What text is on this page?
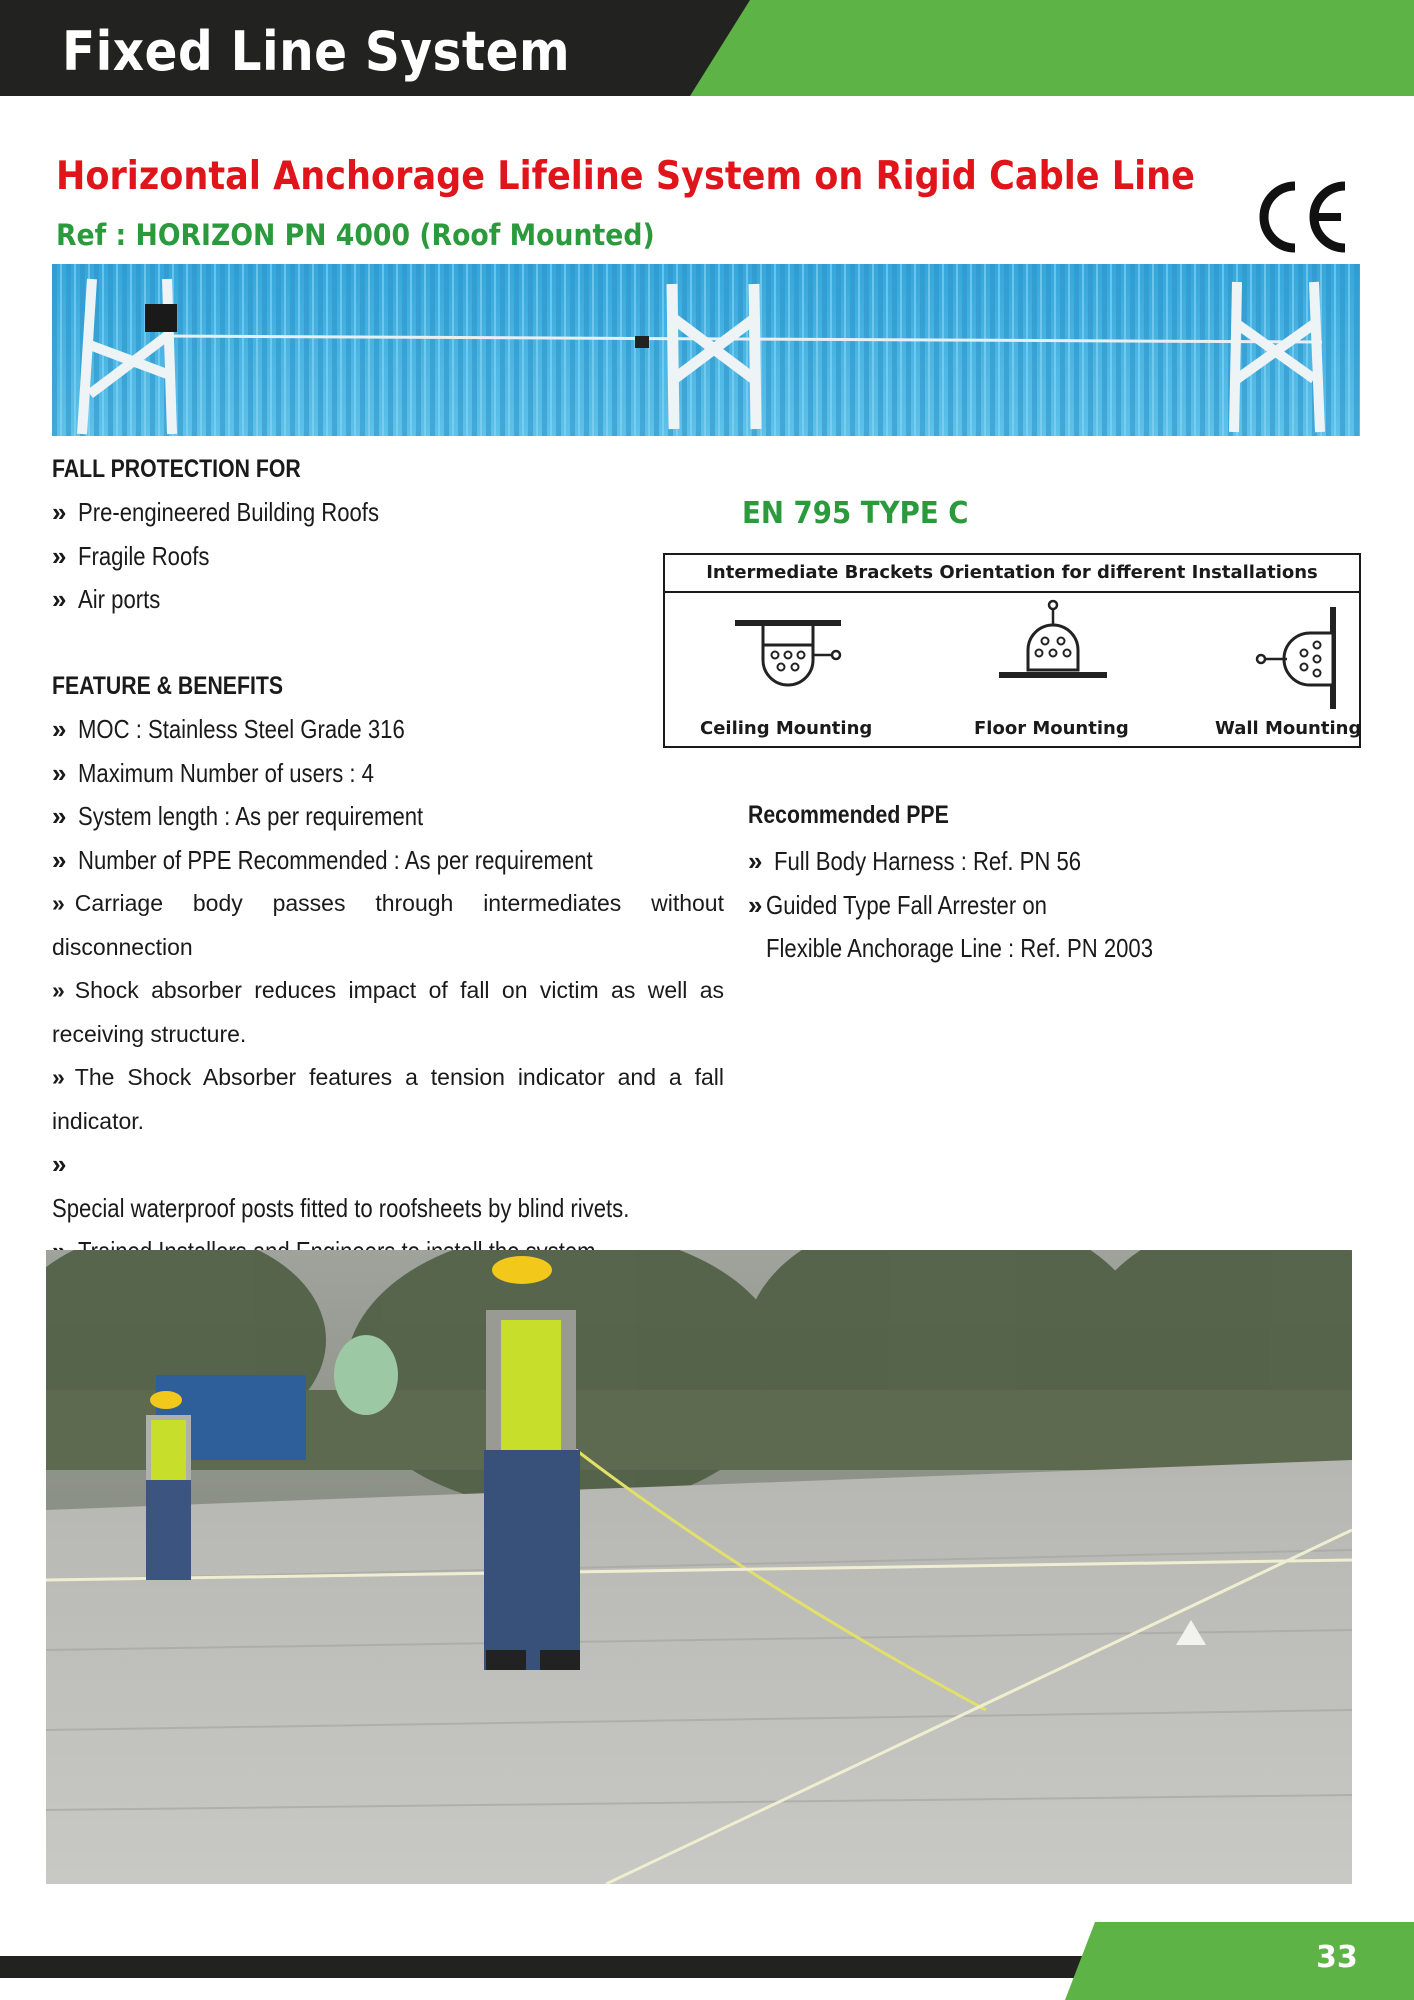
Fixed Line System
Horizontal Anchorage Lifeline System on Rigid Cable Line
Ref : HORIZON PN 4000 (Roof Mounted)
FALL PROTECTION FOR
» Pre-engineered Building Roofs
» Fragile Roofs
» Air ports
FEATURE & BENEFITS
» MOC : Stainless Steel Grade 316
» Maximum Number of users : 4
» System length : As per requirement
» Number of PPE Recommended : As per requirement
» Carriage body passes through intermediates without disconnection
» Shock absorber reduces impact of fall on victim as well as receiving structure.
» The Shock Absorber features a tension indicator and a fall indicator.
»Special waterproof posts fitted to roofsheets by blind rivets.
EN 795 TYPE C
Intermediate Brackets Orientation for different Installations
Ceiling Mounting	Floor Mounting	Wall Mounting
Recommended PPE
» Full Body Harness : Ref. PN 56
» Guided Type Fall Arrester on
Flexible Anchorage Line : Ref. PN 2003
33
